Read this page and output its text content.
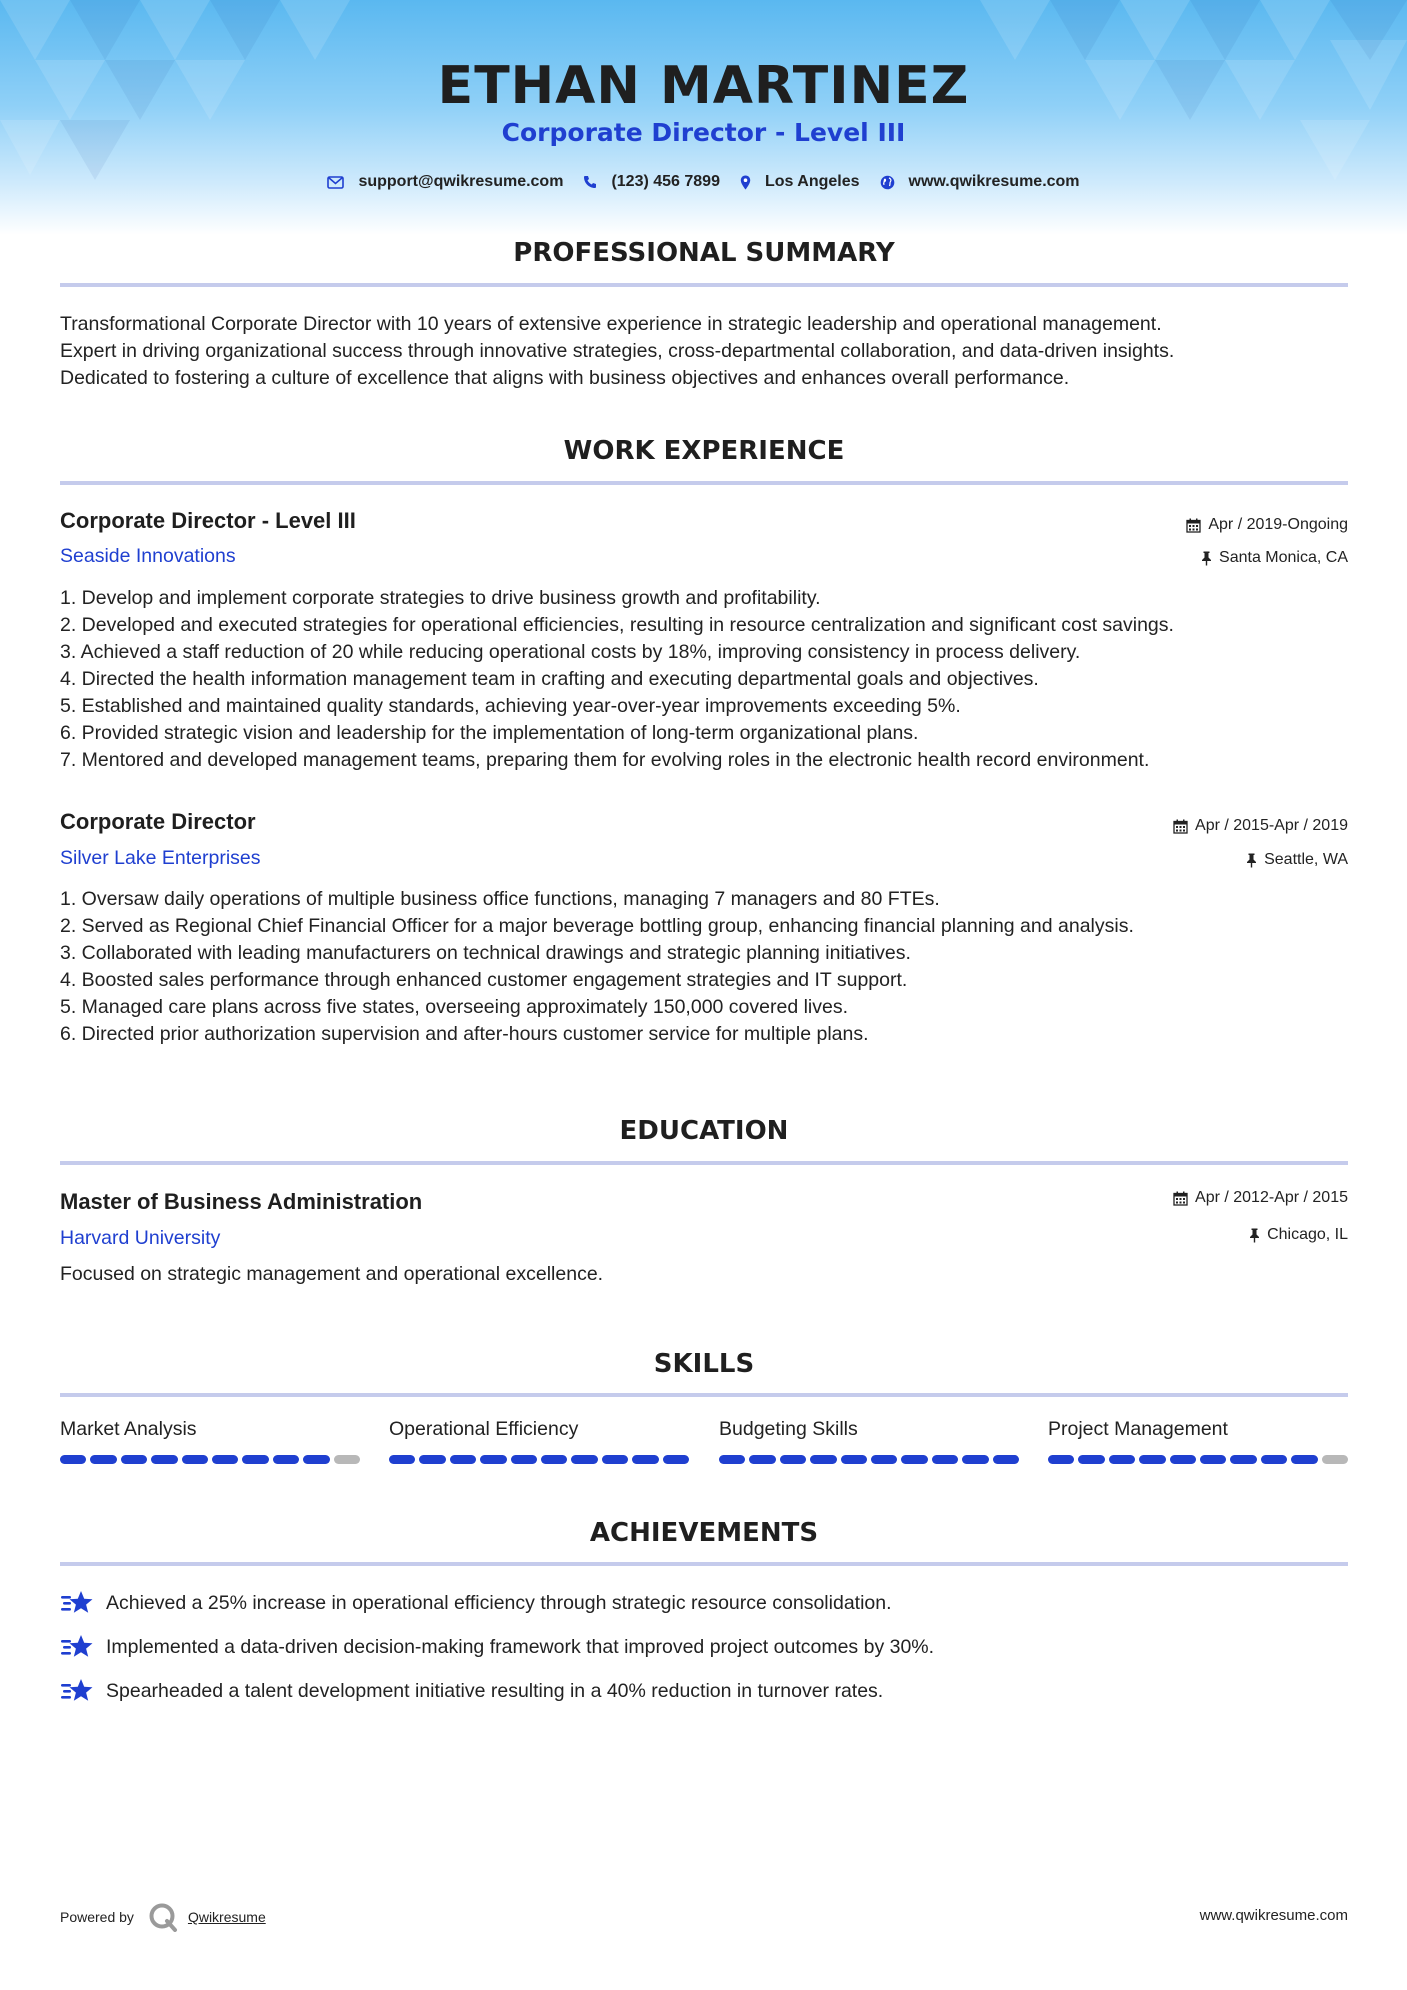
ETHAN MARTINEZ
Corporate Director - Level III
support@qwikresume.com	(123) 456 7899	Los Angeles	www.qwikresume.com
PROFESSIONAL SUMMARY
Transformational Corporate Director with 10 years of extensive experience in strategic leadership and operational management.
Expert in driving organizational success through innovative strategies, cross-departmental collaboration, and data-driven insights.
Dedicated to fostering a culture of excellence that aligns with business objectives and enhances overall performance.
WORK EXPERIENCE
Corporate Director - Level III	Apr / 2019-Ongoing
Seaside Innovations	Santa Monica, CA
1. Develop and implement corporate strategies to drive business growth and profitability.
2. Developed and executed strategies for operational efficiencies, resulting in resource centralization and significant cost savings.
3. Achieved a staff reduction of 20 while reducing operational costs by 18%, improving consistency in process delivery.
4. Directed the health information management team in crafting and executing departmental goals and objectives.
5. Established and maintained quality standards, achieving year-over-year improvements exceeding 5%.
6. Provided strategic vision and leadership for the implementation of long-term organizational plans.
7. Mentored and developed management teams, preparing them for evolving roles in the electronic health record environment.
Corporate Director	Apr / 2015-Apr / 2019
Silver Lake Enterprises	Seattle, WA
1. Oversaw daily operations of multiple business office functions, managing 7 managers and 80 FTEs.
2. Served as Regional Chief Financial Officer for a major beverage bottling group, enhancing financial planning and analysis.
3. Collaborated with leading manufacturers on technical drawings and strategic planning initiatives.
4. Boosted sales performance through enhanced customer engagement strategies and IT support.
5. Managed care plans across five states, overseeing approximately 150,000 covered lives.
6. Directed prior authorization supervision and after-hours customer service for multiple plans.
EDUCATION
Master of Business Administration	Apr / 2012-Apr / 2015
Harvard University	Chicago, IL
Focused on strategic management and operational excellence.
SKILLS
Market Analysis	Operational Efficiency	Budgeting Skills	Project Management
ACHIEVEMENTS
Achieved a 25% increase in operational efficiency through strategic resource consolidation.
Implemented a data-driven decision-making framework that improved project outcomes by 30%.
Spearheaded a talent development initiative resulting in a 40% reduction in turnover rates.
Powered by	Qwikresume	www.qwikresume.com
